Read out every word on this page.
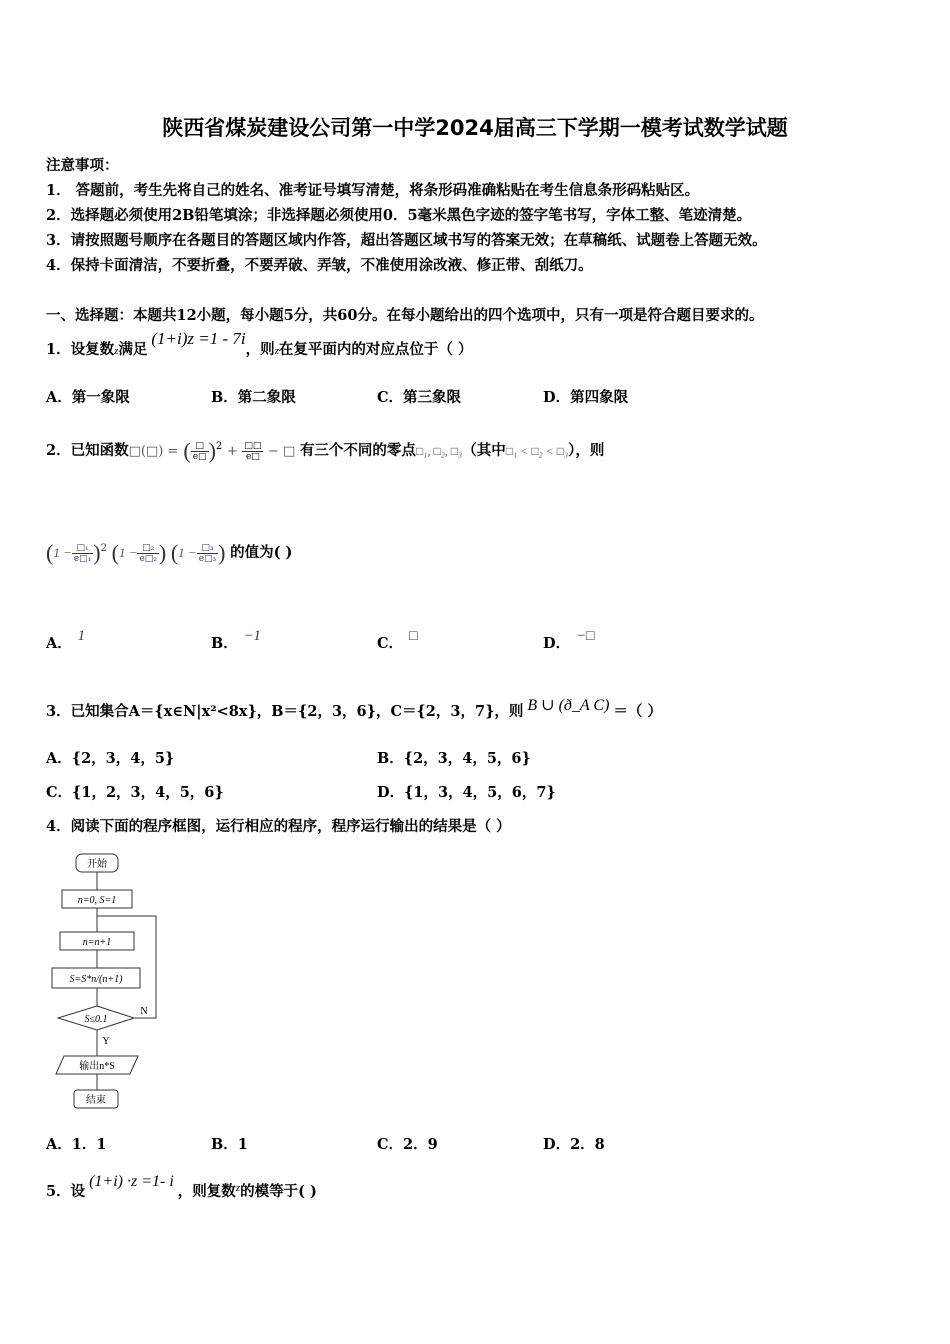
陕西省煤炭建设公司第一中学2024届高三下学期一模考试数学试题
注意事项：
1． 答题前，考生先将自己的姓名、准考证号填写清楚，将条形码准确粘贴在考生信息条形码粘贴区。
2．选择题必须使用2B铅笔填涂；非选择题必须使用0．5毫米黑色字迹的签字笔书写，字体工整、笔迹清楚。
3．请按照题号顺序在各题目的答题区域内作答，超出答题区域书写的答案无效；在草稿纸、试题卷上答题无效。
4．保持卡面清洁，不要折叠，不要弄破、弄皱，不准使用涂改液、修正带、刮纸刀。
一、选择题：本题共12小题，每小题5分，共60分。在每小题给出的四个选项中，只有一项是符合题目要求的。
1．设复数z满足(1+i)z =1 - 7i，则z在复平面内的对应点位于（ ）
A．第一象限	B．第二象限	C．第三象限	D．第四象限
2．已知函数□(□) = ( $\frac{□}{e□} )^2 + \frac{□□}{e□}$ − □ 有三个不同的零点□₁, □₂, □₃（其中□₁ < □₂ < □₃），则
$(1 - \frac{\text{□₁}}{\text{e□₁}} )^2$ ($1 - \frac{\text{□₂}}{\text{e□₂}}$ ) ($1 - \frac{\text{□₃}}{\text{e□₃}}$ ) 的值为( )
A． 1	B． −1	C． □	D． −□
3．已知集合A＝{x∈N|x²<8x}，B＝{2，3，6}，C＝{2，3，7}，则 B ∪ (ð_A C) ＝（ ）
A．{2，3，4，5}	B．{2，3，4，5，6}
C．{1，2，3，4，5，6}	D．{1，3，4，5，6，7}
4．阅读下面的程序框图，运行相应的程序，程序运行输出的结果是（ ）
开始
n=0, S=1
n=n+1
S=S*n/(n+1)
S≤0.1
Y
N
输出n*S
结束
A．1．1	B．1	C．2．9	D．2．8
5．设(1+i) ·z =1- i，则复数$^z$的模等于( )
